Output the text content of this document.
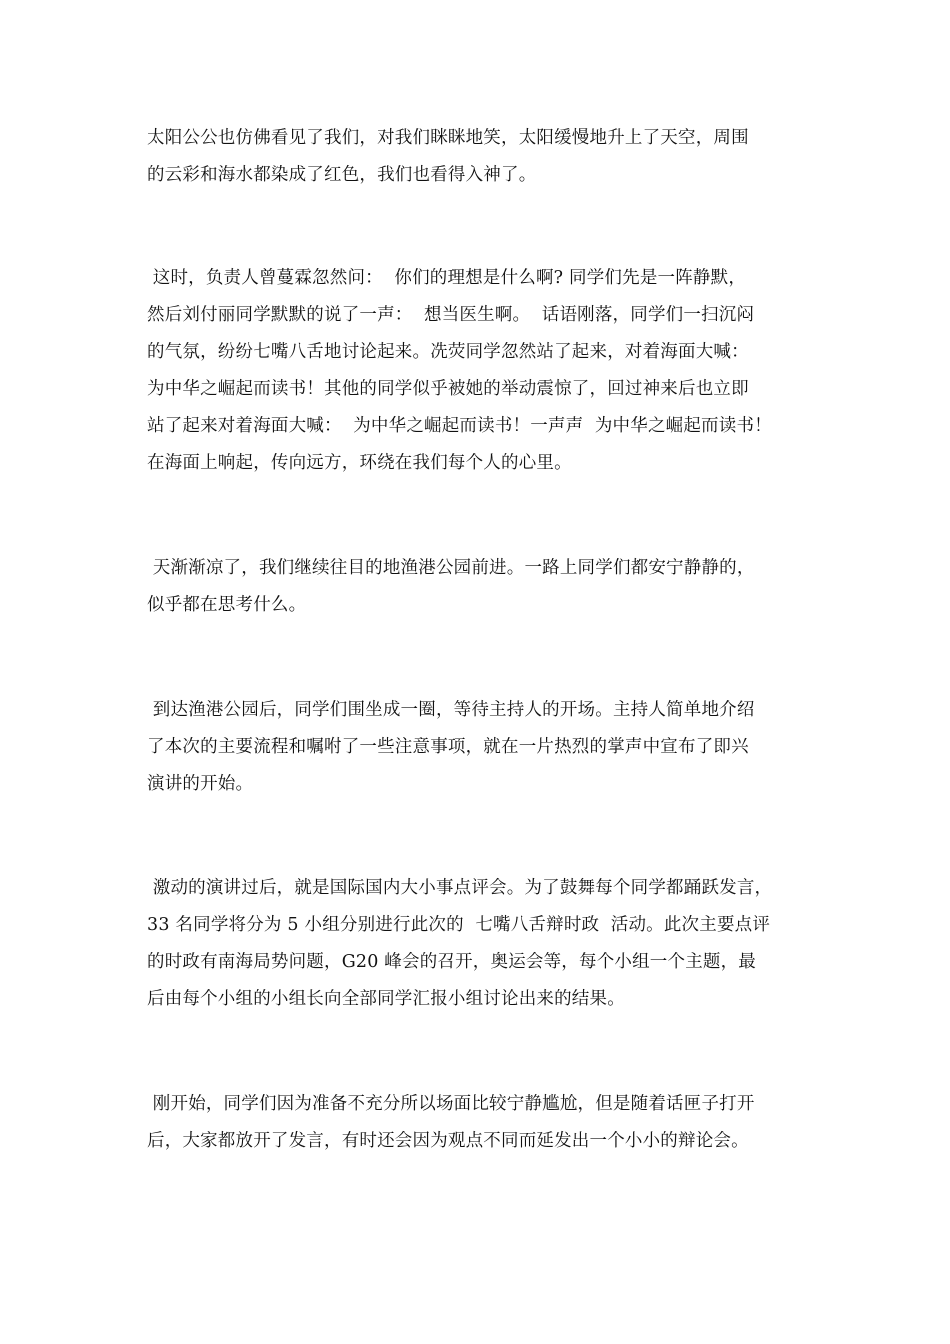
太阳公公也仿佛看见了我们，对我们眯眯地笑，太阳缓慢地升上了天空，周围
的云彩和海水都染成了红色，我们也看得入神了。
这时，负责人曾蔓霖忽然问：  你们的理想是什么啊? 同学们先是一阵静默，
然后刘付丽同学默默的说了一声：  想当医生啊。  话语刚落，同学们一扫沉闷
的气氛，纷纷七嘴八舌地讨论起来。冼荧同学忽然站了起来，对着海面大喊：
为中华之崛起而读书！其他的同学似乎被她的举动震惊了，回过神来后也立即
站了起来对着海面大喊：  为中华之崛起而读书！一声声  为中华之崛起而读书！
在海面上响起，传向远方，环绕在我们每个人的心里。
天渐渐凉了，我们继续往目的地渔港公园前进。一路上同学们都安宁静静的，
似乎都在思考什么。
到达渔港公园后，同学们围坐成一圈，等待主持人的开场。主持人简单地介绍
了本次的主要流程和嘱咐了一些注意事项，就在一片热烈的掌声中宣布了即兴
演讲的开始。
激动的演讲过后，就是国际国内大小事点评会。为了鼓舞每个同学都踊跃发言，
33 名同学将分为 5 小组分别进行此次的  七嘴八舌辩时政  活动。此次主要点评
的时政有南海局势问题，G20 峰会的召开，奥运会等，每个小组一个主题，最
后由每个小组的小组长向全部同学汇报小组讨论出来的结果。
刚开始，同学们因为准备不充分所以场面比较宁静尴尬，但是随着话匣子打开
后，大家都放开了发言，有时还会因为观点不同而延发出一个小小的辩论会。
